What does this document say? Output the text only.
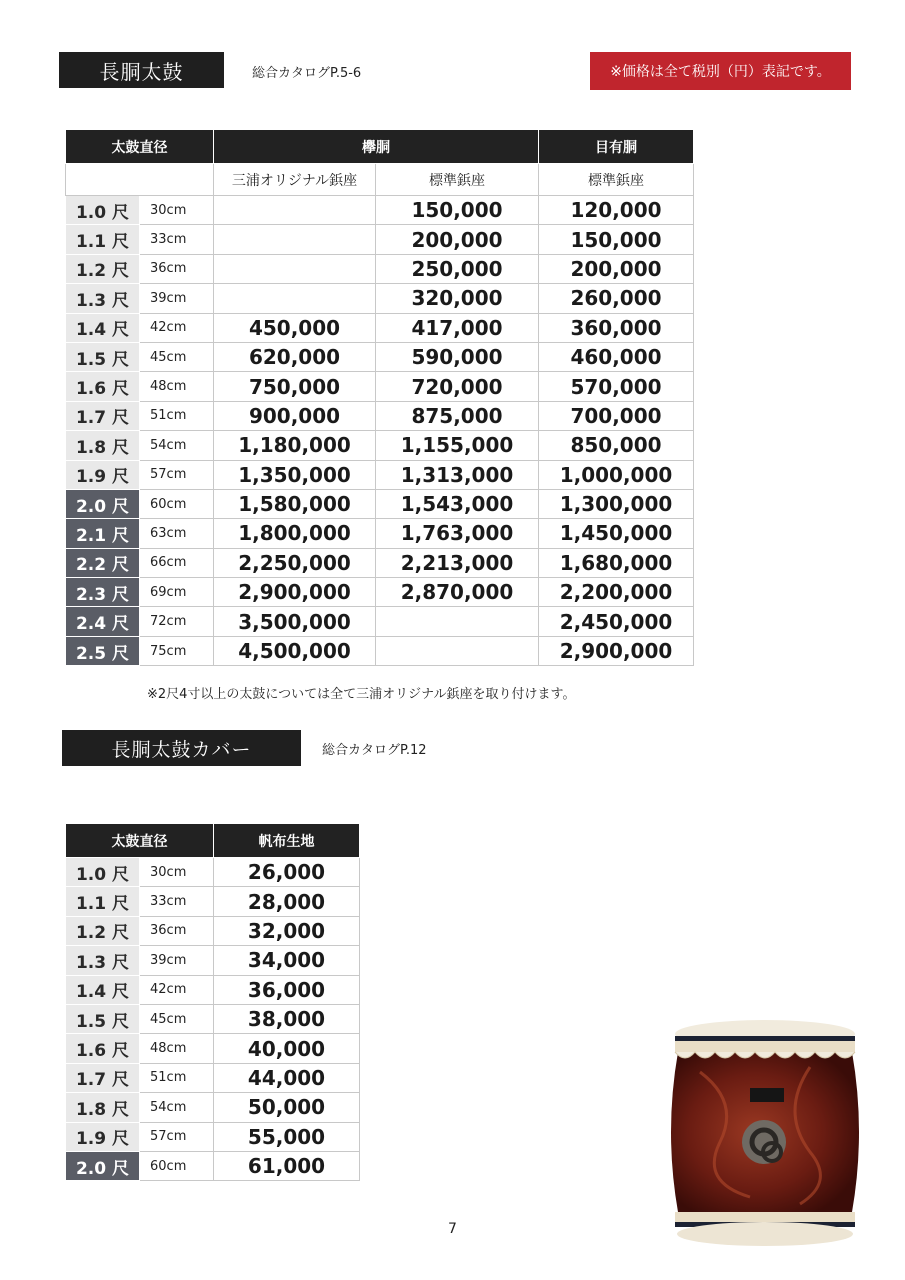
長胴太鼓	総合カタログP.5-6	※価格は全て税別（円）表記です。
太鼓直径		欅胴		目有胴
		三浦オリジナル鋲座	標準鋲座	標準鋲座
1.0 尺	30cm		150,000	120,000
1.1 尺	33cm		200,000	150,000
1.2 尺	36cm		250,000	200,000
1.3 尺	39cm		320,000	260,000
1.4 尺	42cm	450,000	417,000	360,000
1.5 尺	45cm	620,000	590,000	460,000
1.6 尺	48cm	750,000	720,000	570,000
1.7 尺	51cm	900,000	875,000	700,000
1.8 尺	54cm	1,180,000	1,155,000	850,000
1.9 尺	57cm	1,350,000	1,313,000	1,000,000
2.0 尺	60cm	1,580,000	1,543,000	1,300,000
2.1 尺	63cm	1,800,000	1,763,000	1,450,000
2.2 尺	66cm	2,250,000	2,213,000	1,680,000
2.3 尺	69cm	2,900,000	2,870,000	2,200,000
2.4 尺	72cm	3,500,000		2,450,000
2.5 尺	75cm	4,500,000		2,900,000
※2尺4寸以上の太鼓については全て三浦オリジナル鋲座を取り付けます。
長胴太鼓カバー	総合カタログP.12
太鼓直径		帆布生地
1.0 尺	30cm	26,000
1.1 尺	33cm	28,000
1.2 尺	36cm	32,000
1.3 尺	39cm	34,000
1.4 尺	42cm	36,000
1.5 尺	45cm	38,000
1.6 尺	48cm	40,000
1.7 尺	51cm	44,000
1.8 尺	54cm	50,000
1.9 尺	57cm	55,000
2.0 尺	60cm	61,000
7
